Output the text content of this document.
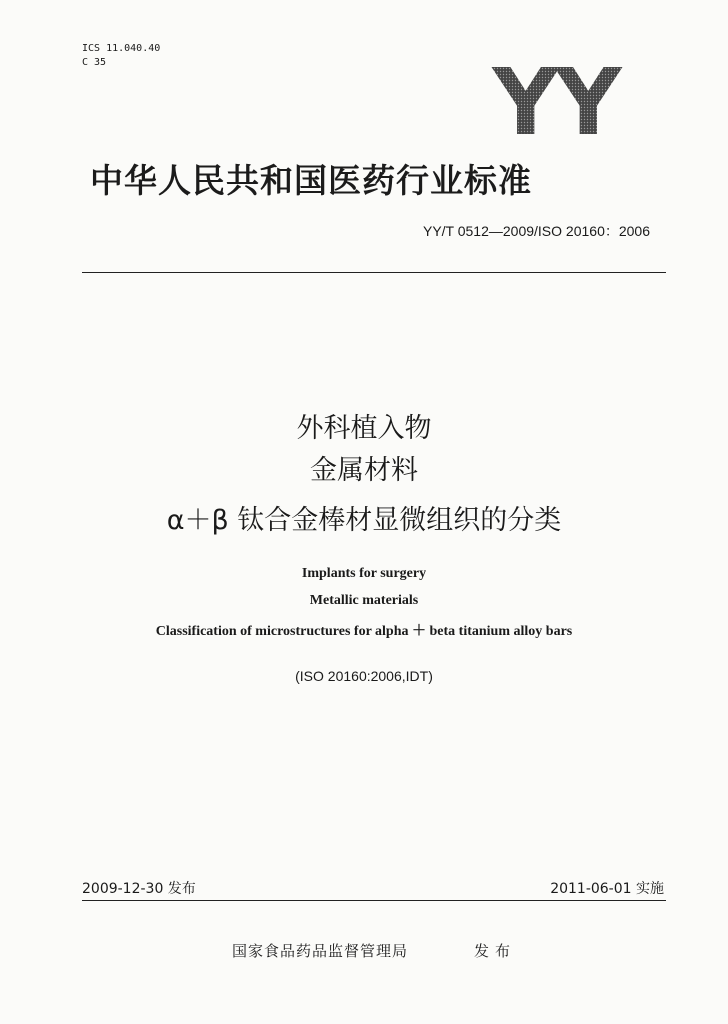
ICS 11.040.40
C 35	YY
中华人民共和国医药行业标准
YY/T 0512—2009/ISO 20160：2006
外科植入物
金属材料
α＋β 钛合金棒材显微组织的分类
Implants for surgery
Metallic materials
Classification of microstructures for alpha ＋ beta titanium alloy bars
(ISO 20160:2006,IDT)
2009-12-30 发布	2011-06-01 实施
国家食品药品监督管理局	发布
